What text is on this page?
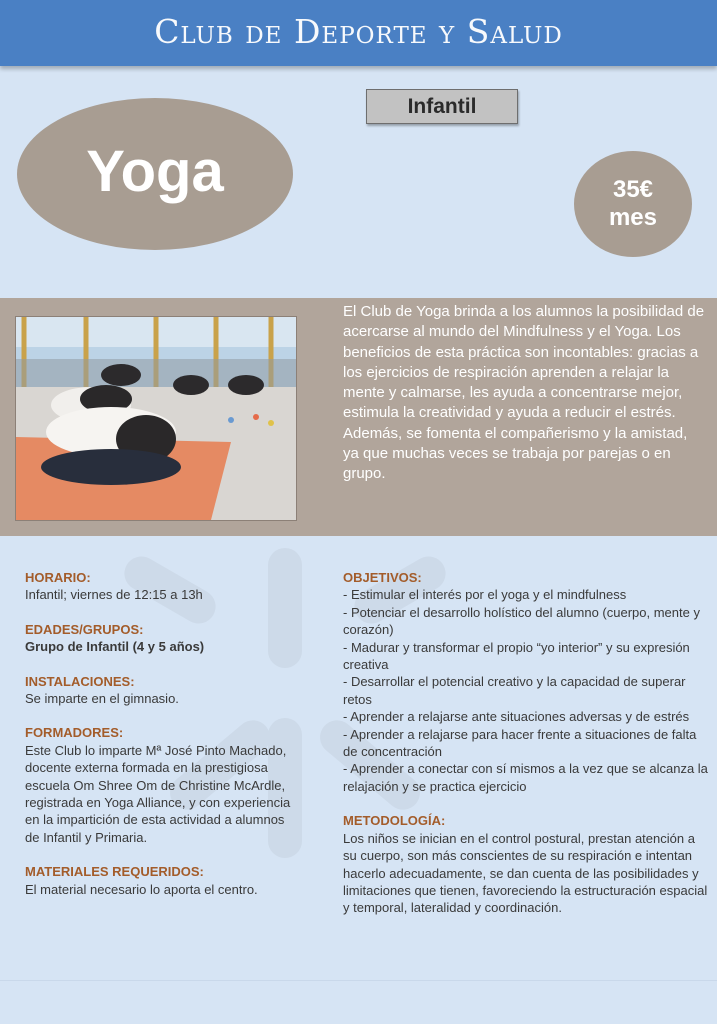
Club de Deporte y Salud
Infantil
Yoga	35€
mes
El Club de Yoga brinda a los alumnos la posibilidad de acercarse al mundo del Mindfulness y el Yoga. Los beneficios de esta práctica son incontables: gracias a los ejercicios de respiración aprenden a relajar la mente y calmarse, les ayuda a concentrarse mejor, estimula la creatividad y ayuda a reducir el estrés. Además, se fomenta el compañerismo y la amistad, ya que muchas veces se trabaja por parejas o en grupo.
HORARIO:
Infantil; viernes de 12:15 a 13h
EDADES/GRUPOS:
Grupo de Infantil (4 y 5 años)
INSTALACIONES:
Se imparte en el gimnasio.
FORMADORES:
Este Club lo imparte Mª José Pinto Machado, docente externa formada en la prestigiosa escuela Om Shree Om de Christine McArdle, registrada en Yoga Alliance, y con experiencia en la impartición de esta actividad a alumnos de Infantil y Primaria.
MATERIALES REQUERIDOS:
El material necesario lo aporta el centro.
OBJETIVOS:
- Estimular el interés por el yoga y el mindfulness
- Potenciar el desarrollo holístico del alumno (cuerpo, mente y corazón)
- Madurar y transformar el propio “yo interior” y su expresión creativa
- Desarrollar el potencial creativo y la capacidad de superar retos
- Aprender a relajarse ante situaciones adversas y de estrés
- Aprender a relajarse para hacer frente a situaciones de falta de concentración
- Aprender a conectar con sí mismos a la vez que se alcanza la relajación y se practica ejercicio
METODOLOGÍA:
Los niños se inician en el control postural, prestan atención a su cuerpo, son más conscientes de su respiración e intentan hacerlo adecuadamente, se dan cuenta de las posibilidades y limitaciones que tienen, favoreciendo la estructuración espacial y temporal, lateralidad y coordinación.
